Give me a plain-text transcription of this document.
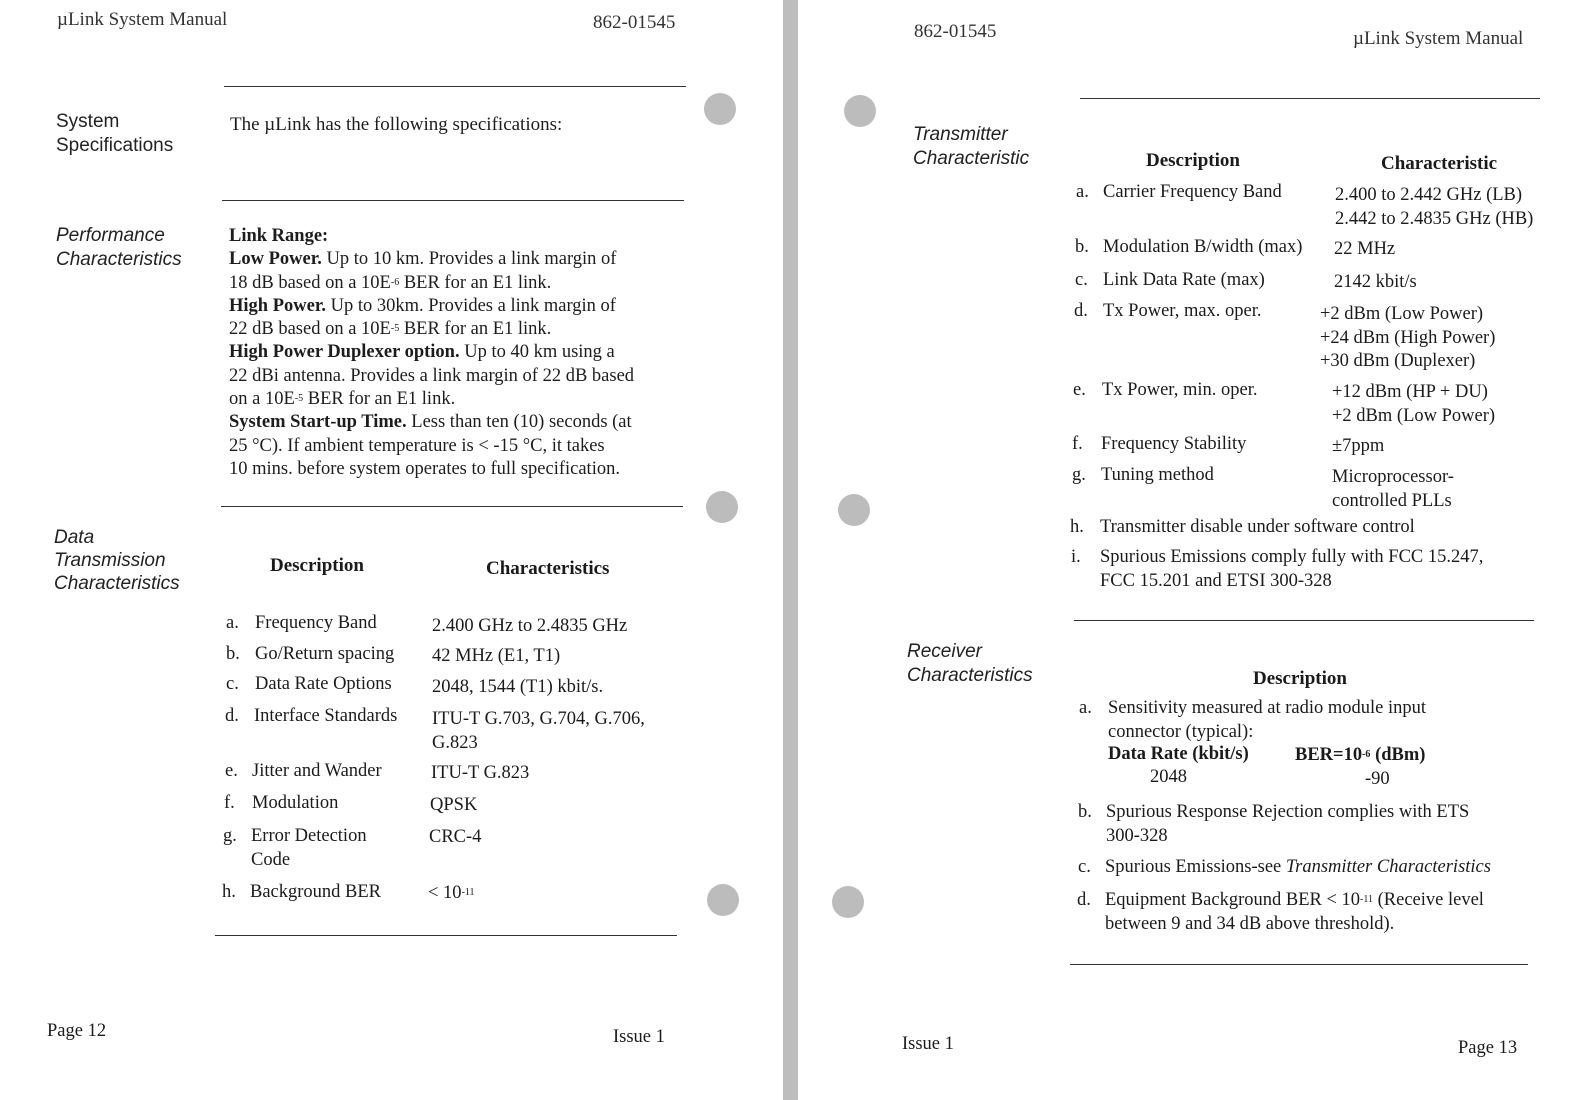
µLink System Manual	862-01545
System
Specifications
The µLink has the following specifications:
Performance
Characteristics
Link Range:
Low Power. Up to 10 km. Provides a link margin of
18 dB based on a $10E^{-6}$ BER for an E1 link.
High Power. Up to 30km. Provides a link margin of
22 dB based on a $10E^{-5}$ BER for an E1 link.
High Power Duplexer option. Up to 40 km using a
22 dBi antenna. Provides a link margin of 22 dB based
on a $10E^{-5}$ BER for an E1 link.
System Start-up Time. Less than ten (10) seconds (at
25 °C). If ambient temperature is < -15 °C, it takes
10 mins. before system operates to full specification.
Data
Transmission
Characteristics
Description	Characteristics
a. Frequency Band	2.400 GHz to 2.4835 GHz
b. Go/Return spacing 42 MHz (E1, T1)
c. Data Rate Options 2048, 1544 (T1) kbit/s.
d. Interface Standards ITU-T G.703, G.704, G.706,
G.823
e. Jitter and Wander	ITU-T G.823
f. Modulation	QPSK
g. Error Detection
Code
CRC-4
h. Background BER	< $10^{-11}$
Page 12	Issue 1
862-01545	µLink System Manual
Transmitter
Characteristic	Description	Characteristic
a. Carrier Frequency Band	2.400 to 2.442 GHz (LB)
2.442 to 2.4835 GHz (HB)
b. Modulation B/width (max) 22 MHz
c. Link Data Rate (max)	2142 kbit/s
d. Tx Power, max. oper.	+2 dBm (Low Power)
+24 dBm (High Power)
+30 dBm (Duplexer)
e. Tx Power, min. oper.	+12 dBm (HP + DU)
+2 dBm (Low Power)
f. Frequency Stability	±7ppm
g. Tuning method	Microprocessor-
controlled PLLs
h. Transmitter disable under software control
i. Spurious Emissions comply fully with FCC 15.247,
FCC 15.201 and ETSI 300-328
Receiver
Characteristics	Description
a. Sensitivity measured at radio module input
connector (typical):
Data Rate (kbit/s) $BER=10^{-6}$ (dBm)
2048	-90
b. Spurious Response Rejection complies with ETS
300-328
c. Spurious Emissions-see Transmitter Characteristics
d. Equipment Background BER < $10^{-11}$ (Receive level
between 9 and 34 dB above threshold).
Issue 1	Page 13
